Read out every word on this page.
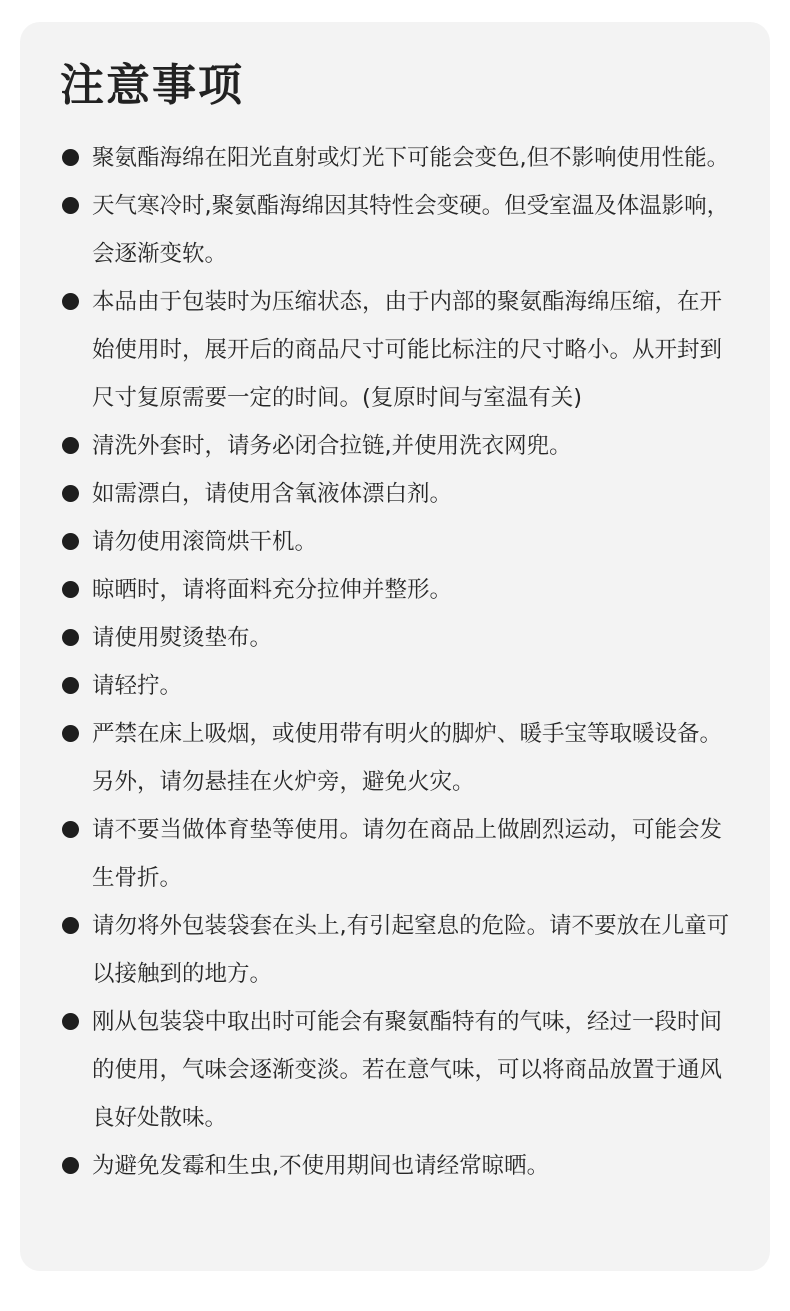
注意事项
聚氨酯海绵在阳光直射或灯光下可能会变色,但不影响使用性能。
天气寒冷时,聚氨酯海绵因其特性会变硬。但受室温及体温影响，会逐渐变软。
本品由于包装时为压缩状态，由于内部的聚氨酯海绵压缩，在开始使用时，展开后的商品尺寸可能比标注的尺寸略小。从开封到尺寸复原需要一定的时间。(复原时间与室温有关)
清洗外套时，请务必闭合拉链,并使用洗衣网兜。
如需漂白，请使用含氧液体漂白剂。
请勿使用滚筒烘干机。
晾晒时，请将面料充分拉伸并整形。
请使用熨烫垫布。
请轻拧。
严禁在床上吸烟，或使用带有明火的脚炉、暖手宝等取暖设备。另外，请勿悬挂在火炉旁，避免火灾。
请不要当做体育垫等使用。请勿在商品上做剧烈运动，可能会发生骨折。
请勿将外包装袋套在头上,有引起窒息的危险。请不要放在儿童可以接触到的地方。
刚从包装袋中取出时可能会有聚氨酯特有的气味，经过一段时间的使用，气味会逐渐变淡。若在意气味，可以将商品放置于通风良好处散味。
为避免发霉和生虫,不使用期间也请经常晾晒。
